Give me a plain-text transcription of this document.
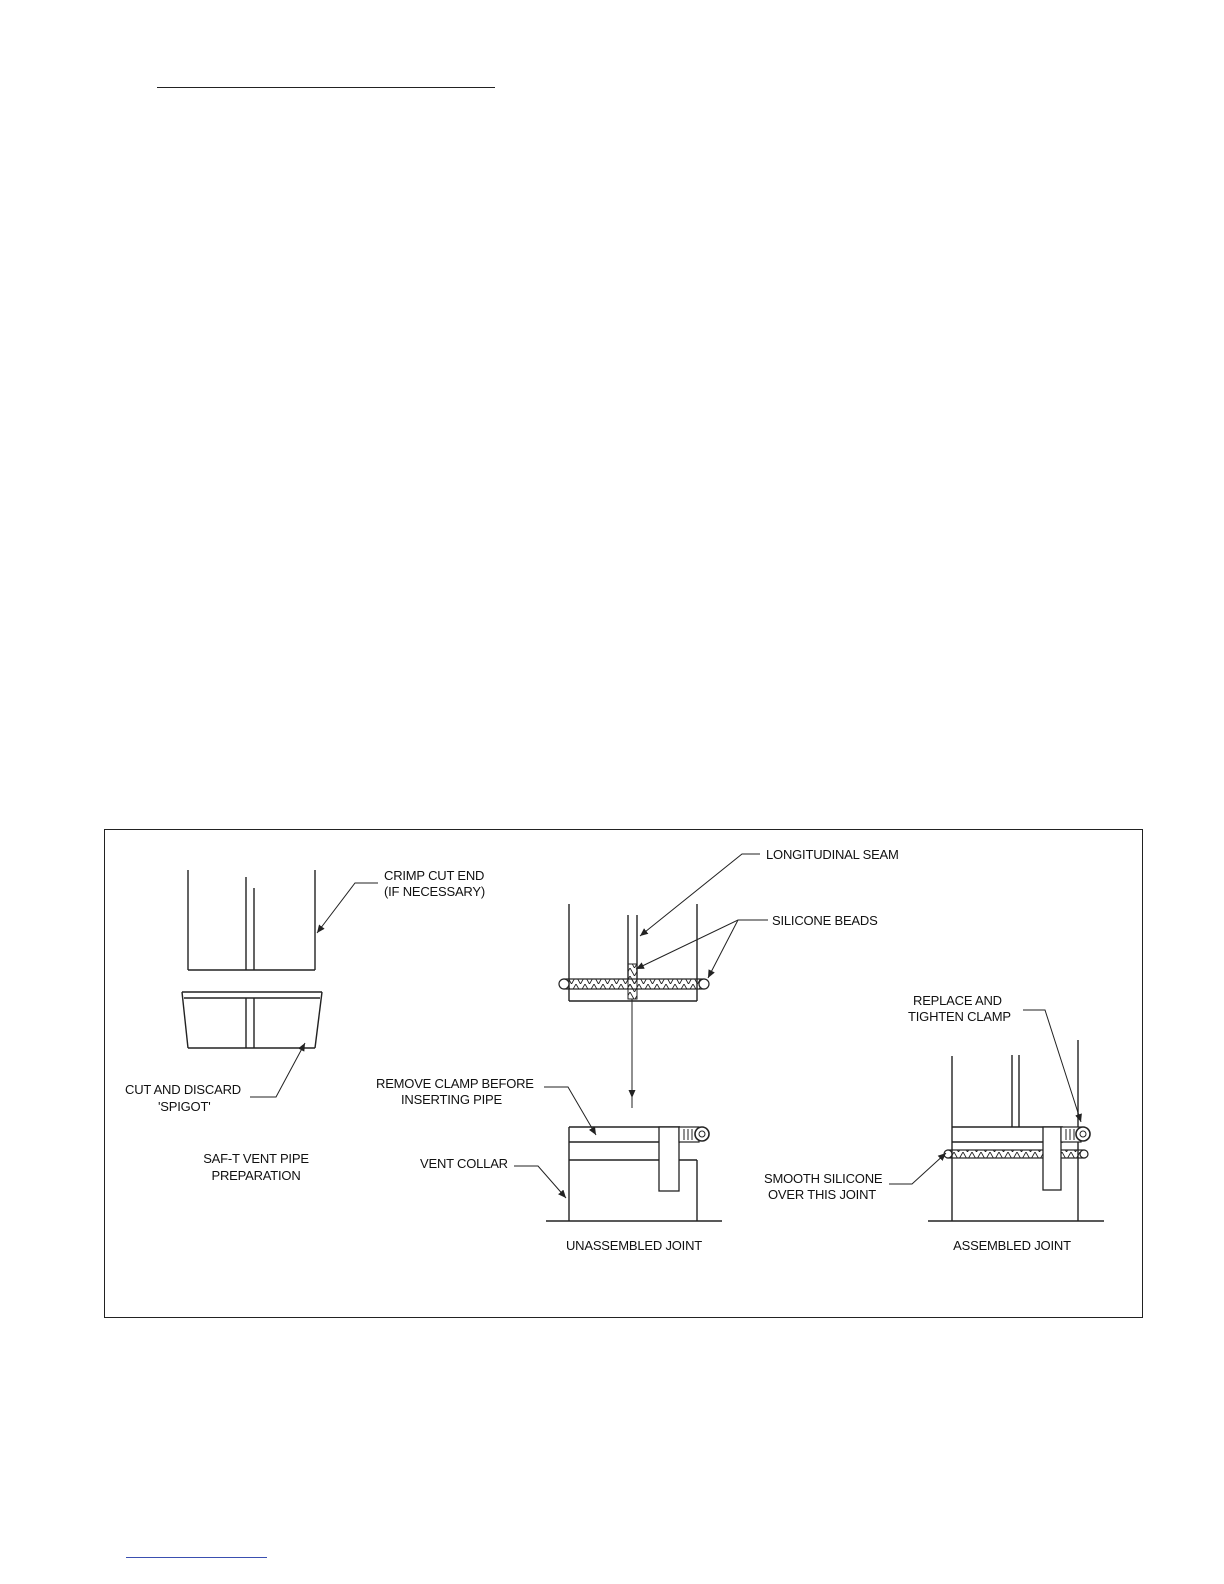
CRIMP CUT END
(IF NECESSARY)
CUT AND DISCARD
'SPIGOT'
SAF-T VENT PIPE
PREPARATION
LONGITUDINAL SEAM
SILICONE BEADS
REMOVE CLAMP BEFORE
INSERTING PIPE
VENT COLLAR
UNASSEMBLED JOINT
REPLACE AND
TIGHTEN CLAMP
SMOOTH SILICONE
OVER THIS JOINT
ASSEMBLED JOINT
